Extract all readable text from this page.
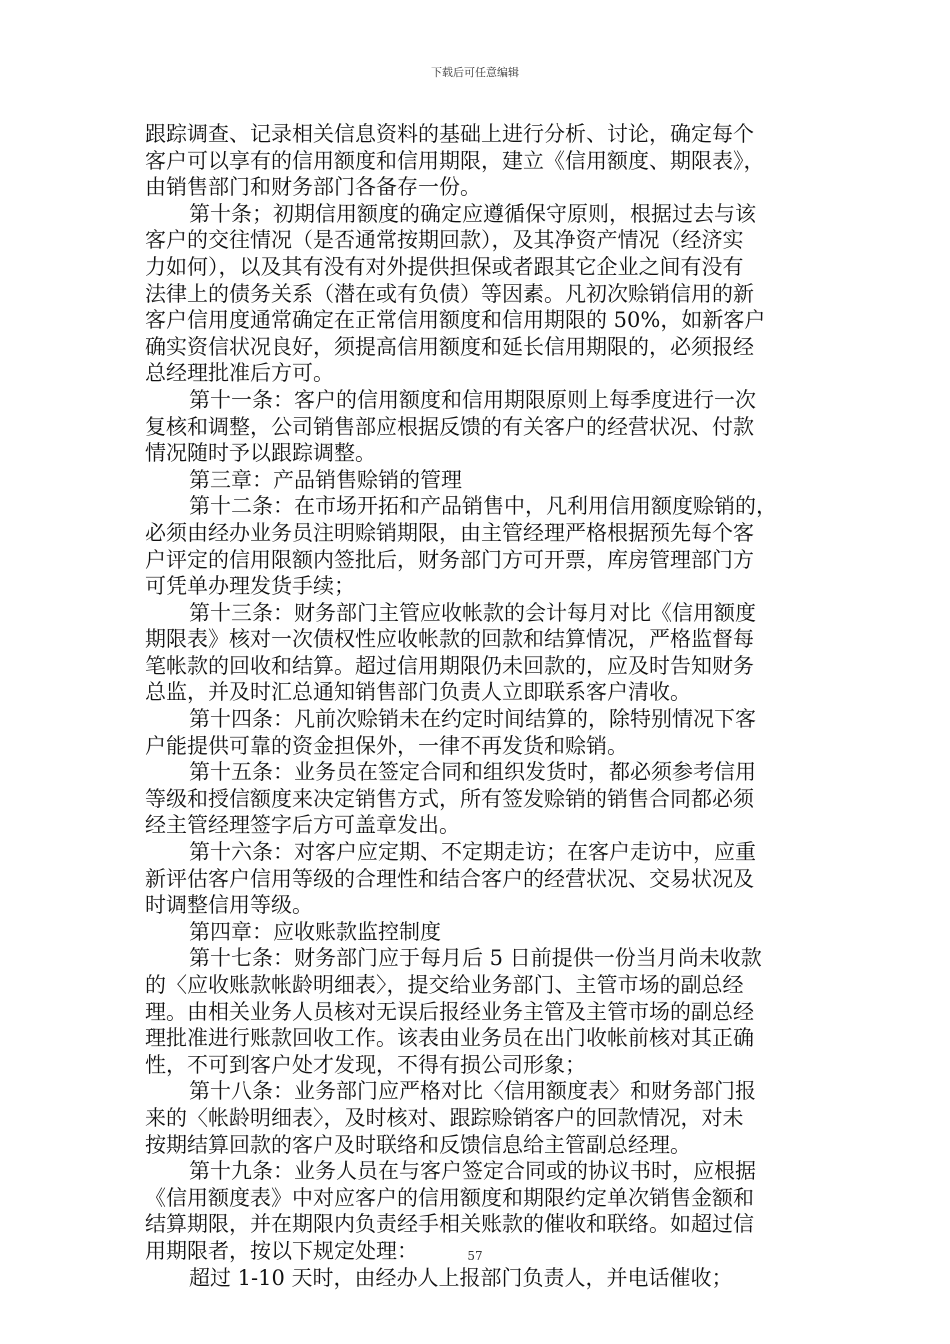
下载后可任意编辑
跟踪调查、记录相关信息资料的基础上进行分析、讨论，确定每个
客户可以享有的信用额度和信用期限，建立《信用额度、期限表》，
由销售部门和财务部门各备存一份。
第十条；初期信用额度的确定应遵循保守原则，根据过去与该
客户的交往情况（是否通常按期回款），及其净资产情况（经济实
力如何），以及其有没有对外提供担保或者跟其它企业之间有没有
法律上的债务关系（潜在或有负债）等因素。凡初次赊销信用的新
客户信用度通常确定在正常信用额度和信用期限的 50%，如新客户
确实资信状况良好，须提高信用额度和延长信用期限的，必须报经
总经理批准后方可。
第十一条：客户的信用额度和信用期限原则上每季度进行一次
复核和调整，公司销售部应根据反馈的有关客户的经营状况、付款
情况随时予以跟踪调整。
第三章：产品销售赊销的管理
第十二条：在市场开拓和产品销售中，凡利用信用额度赊销的，
必须由经办业务员注明赊销期限，由主管经理严格根据预先每个客
户评定的信用限额内签批后，财务部门方可开票，库房管理部门方
可凭单办理发货手续；
第十三条：财务部门主管应收帐款的会计每月对比《信用额度
期限表》核对一次债权性应收帐款的回款和结算情况，严格监督每
笔帐款的回收和结算。超过信用期限仍未回款的，应及时告知财务
总监，并及时汇总通知销售部门负责人立即联系客户清收。
第十四条：凡前次赊销未在约定时间结算的，除特别情况下客
户能提供可靠的资金担保外，一律不再发货和赊销。
第十五条：业务员在签定合同和组织发货时，都必须参考信用
等级和授信额度来决定销售方式，所有签发赊销的销售合同都必须
经主管经理签字后方可盖章发出。
第十六条：对客户应定期、不定期走访；在客户走访中，应重
新评估客户信用等级的合理性和结合客户的经营状况、交易状况及
时调整信用等级。
第四章：应收账款监控制度
第十七条：财务部门应于每月后 5 日前提供一份当月尚未收款
的〈应收账款帐龄明细表〉，提交给业务部门、主管市场的副总经
理。由相关业务人员核对无误后报经业务主管及主管市场的副总经
理批准进行账款回收工作。该表由业务员在出门收帐前核对其正确
性，不可到客户处才发现，不得有损公司形象；
第十八条：业务部门应严格对比〈信用额度表〉和财务部门报
来的〈帐龄明细表〉，及时核对、跟踪赊销客户的回款情况，对未
按期结算回款的客户及时联络和反馈信息给主管副总经理。
第十九条：业务人员在与客户签定合同或的协议书时，应根据
《信用额度表》中对应客户的信用额度和期限约定单次销售金额和
结算期限，并在期限内负责经手相关账款的催收和联络。如超过信
用期限者，按以下规定处理：
超过 1-10 天时，由经办人上报部门负责人，并电话催收；
57
